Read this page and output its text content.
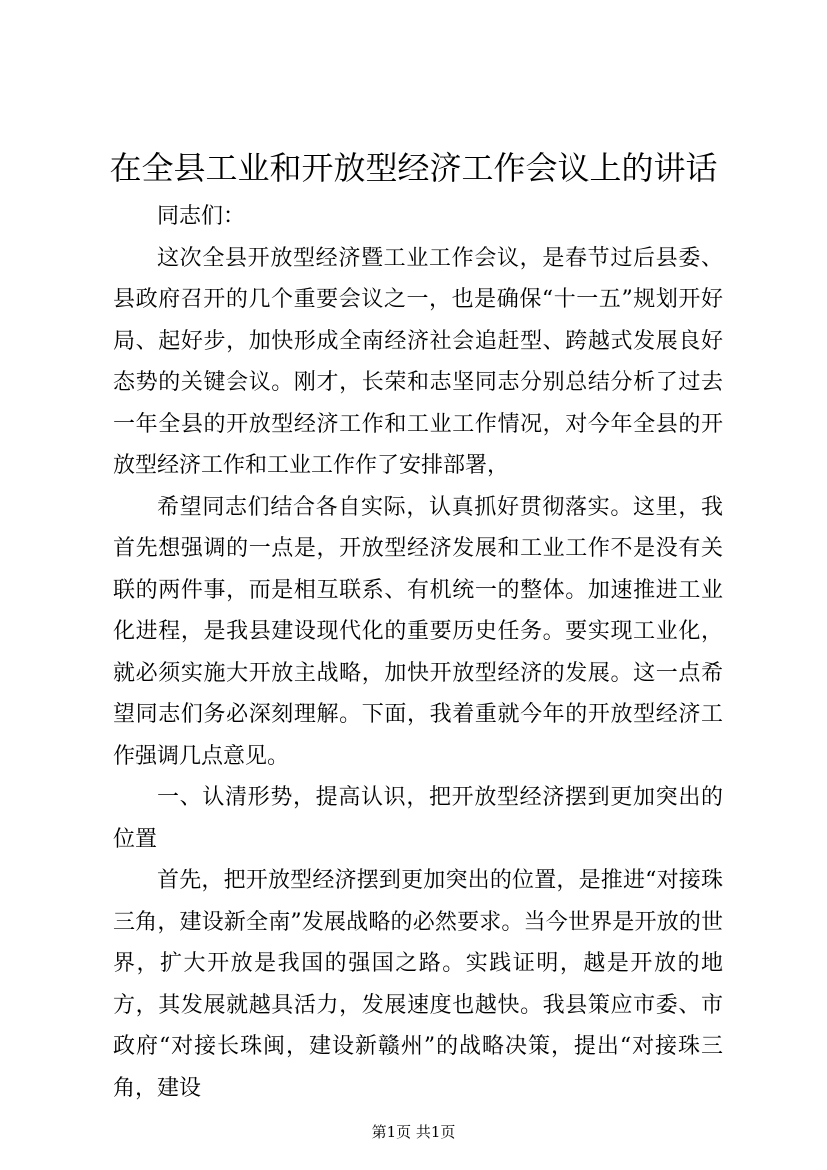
在全县工业和开放型经济工作会议上的讲话

同志们：

这次全县开放型经济暨工业工作会议，是春节过后县委、县政府召开的几个重要会议之一，也是确保“十一五”规划开好局、起好步，加快形成全南经济社会追赶型、跨越式发展良好态势的关键会议。刚才，长荣和志坚同志分别总结分析了过去一年全县的开放型经济工作和工业工作情况，对今年全县的开放型经济工作和工业工作作了安排部署，

希望同志们结合各自实际，认真抓好贯彻落实。这里，我首先想强调的一点是，开放型经济发展和工业工作不是没有关联的两件事，而是相互联系、有机统一的整体。加速推进工业化进程，是我县建设现代化的重要历史任务。要实现工业化，就必须实施大开放主战略，加快开放型经济的发展。这一点希望同志们务必深刻理解。下面，我着重就今年的开放型经济工作强调几点意见。

一、认清形势，提高认识，把开放型经济摆到更加突出的位置

首先，把开放型经济摆到更加突出的位置，是推进“对接珠三角，建设新全南”发展战略的必然要求。当今世界是开放的世界，扩大开放是我国的强国之路。实践证明，越是开放的地方，其发展就越具活力，发展速度也越快。我县策应市委、市政府“对接长珠闽，建设新赣州”的战略决策，提出“对接珠三角，建设

第1页 共1页
